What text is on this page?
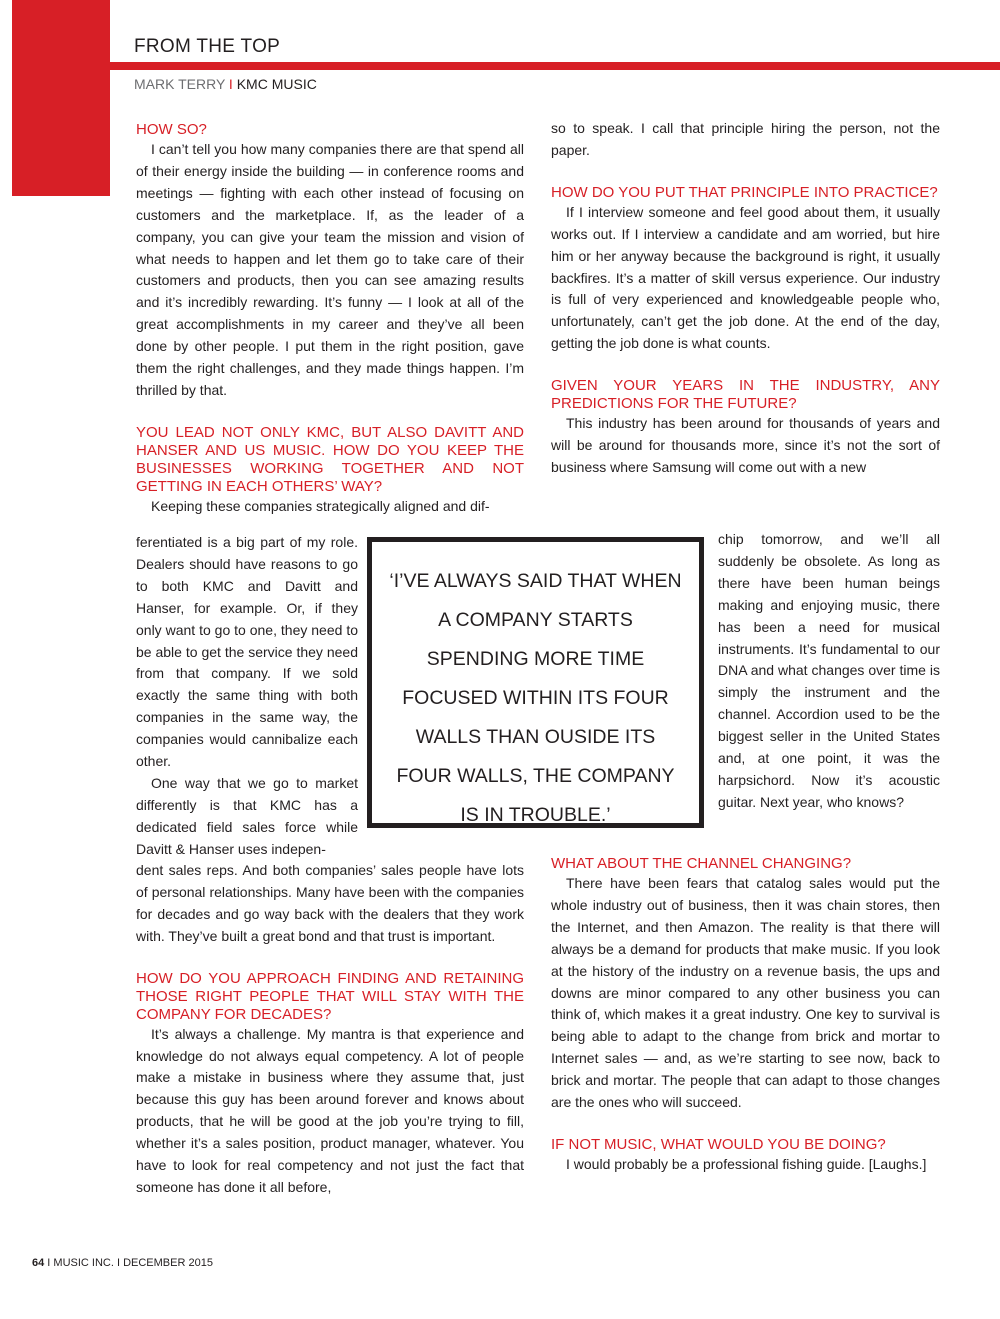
FROM THE TOP
MARK TERRY I KMC MUSIC
HOW SO?

I can’t tell you how many companies there are that spend all of their energy inside the building — in conference rooms and meetings — fighting with each other instead of focusing on customers and the marketplace. If, as the leader of a company, you can give your team the mission and vision of what needs to happen and let them go to take care of their customers and products, then you can see amazing results and it’s incredibly rewarding. It’s funny — I look at all of the great accomplishments in my career and they’ve all been done by other people. I put them in the right position, gave them the right challenges, and they made things happen. I’m thrilled by that.

YOU LEAD NOT ONLY KMC, BUT ALSO DAVITT AND HANSER AND US MUSIC. HOW DO YOU KEEP THE BUSINESSES WORKING TOGETHER AND NOT GETTING IN EACH OTHERS’ WAY?

Keeping these companies strategically aligned and dif-

ferentiated is a big part of my role. Dealers should have reasons to go to both KMC and Davitt and Hanser, for example. Or, if they only want to go to one, they need to be able to get the service they need from that company. If we sold exactly the same thing with both companies in the same way, the companies would cannibalize each other.

One way that we go to market differently is that KMC has a dedicated field sales force while Davitt & Hanser uses indepen-

dent sales reps. And both companies’ sales people have lots of personal relationships. Many have been with the companies for decades and go way back with the dealers that they work with. They’ve built a great bond and that trust is important.

HOW DO YOU APPROACH FINDING AND RETAINING THOSE RIGHT PEOPLE THAT WILL STAY WITH THE COMPANY FOR DECADES?

It’s always a challenge. My mantra is that experience and knowledge do not always equal competency. A lot of people make a mistake in business where they assume that, just because this guy has been around forever and knows about products, that he will be good at the job you’re trying to fill, whether it’s a sales position, product manager, whatever. You have to look for real competency and not just the fact that someone has done it all before,

so to speak. I call that principle hiring the person, not the paper.

HOW DO YOU PUT THAT PRINCIPLE INTO PRACTICE?

If I interview someone and feel good about them, it usually works out. If I interview a candidate and am worried, but hire him or her anyway because the background is right, it usually backfires. It’s a matter of skill versus experience. Our industry is full of very experienced and knowledgeable people who, unfortunately, can’t get the job done. At the end of the day, getting the job done is what counts.

GIVEN YOUR YEARS IN THE INDUSTRY, ANY PREDICTIONS FOR THE FUTURE?

This industry has been around for thousands of years and will be around for thousands more, since it’s not the sort of business where Samsung will come out with a new

chip tomorrow, and we’ll all suddenly be obsolete. As long as there have been human beings making and enjoying music, there has been a need for musical instruments. It’s fundamental to our DNA and what changes over time is simply the instrument and the channel. Accordion used to be the biggest seller in the United States and, at one point, it was the harpsichord. Now it’s acoustic guitar. Next year, who knows?

WHAT ABOUT THE CHANNEL CHANGING?

There have been fears that catalog sales would put the whole industry out of business, then it was chain stores, then the Internet, and then Amazon. The reality is that there will always be a demand for products that make music. If you look at the history of the industry on a revenue basis, the ups and downs are minor compared to any other business you can think of, which makes it a great industry. One key to survival is being able to adapt to the change from brick and mortar to Internet sales — and, as we’re starting to see now, back to brick and mortar. The people that can adapt to those changes are the ones who will succeed.

IF NOT MUSIC, WHAT WOULD YOU BE DOING?

I would probably be a professional fishing guide. [Laughs.]

‘I’VE ALWAYS SAID THAT WHEN A COMPANY STARTS SPENDING MORE TIME FOCUSED WITHIN ITS FOUR WALLS THAN OUSIDE ITS FOUR WALLS, THE COMPANY IS IN TROUBLE.’

64 I MUSIC INC. I DECEMBER 2015
